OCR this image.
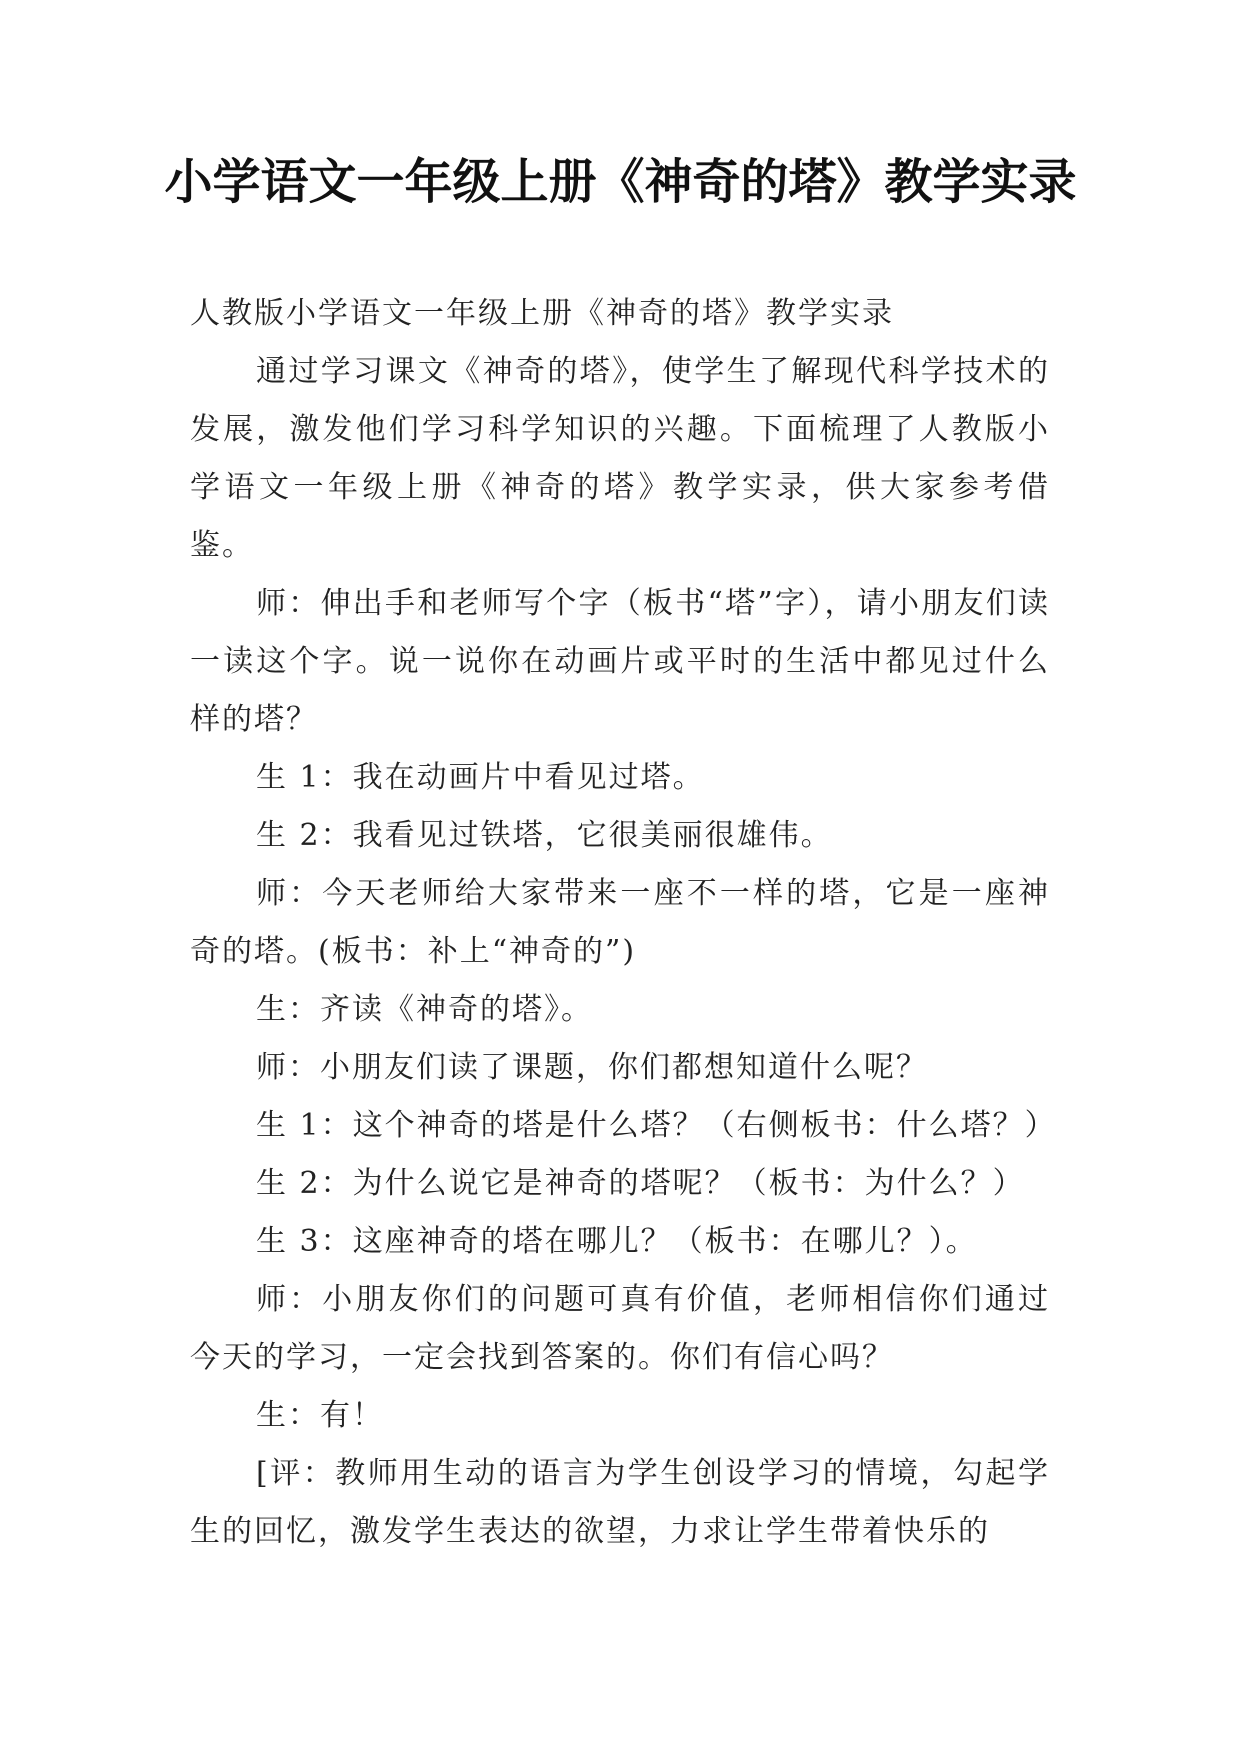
小学语文一年级上册《神奇的塔》教学实录

人教版小学语文一年级上册《神奇的塔》教学实录

通过学习课文《神奇的塔》，使学生了解现代科学技术的发展，激发他们学习科学知识的兴趣。下面梳理了人教版小学语文一年级上册《神奇的塔》教学实录，供大家参考借鉴。

师：伸出手和老师写个字（板书“塔”字），请小朋友们读一读这个字。说一说你在动画片或平时的生活中都见过什么样的塔？

生 1：我在动画片中看见过塔。

生 2：我看见过铁塔，它很美丽很雄伟。

师：今天老师给大家带来一座不一样的塔，它是一座神奇的塔。(板书：补上“神奇的”)

生：齐读《神奇的塔》。

师：小朋友们读了课题，你们都想知道什么呢？

生 1：这个神奇的塔是什么塔？（右侧板书：什么塔？）

生 2：为什么说它是神奇的塔呢？（板书：为什么？）

生 3：这座神奇的塔在哪儿？（板书：在哪儿？）。

师：小朋友你们的问题可真有价值，老师相信你们通过今天的学习，一定会找到答案的。你们有信心吗？

生：有！

[评：教师用生动的语言为学生创设学习的情境，勾起学生的回忆，激发学生表达的欲望，力求让学生带着快乐的
